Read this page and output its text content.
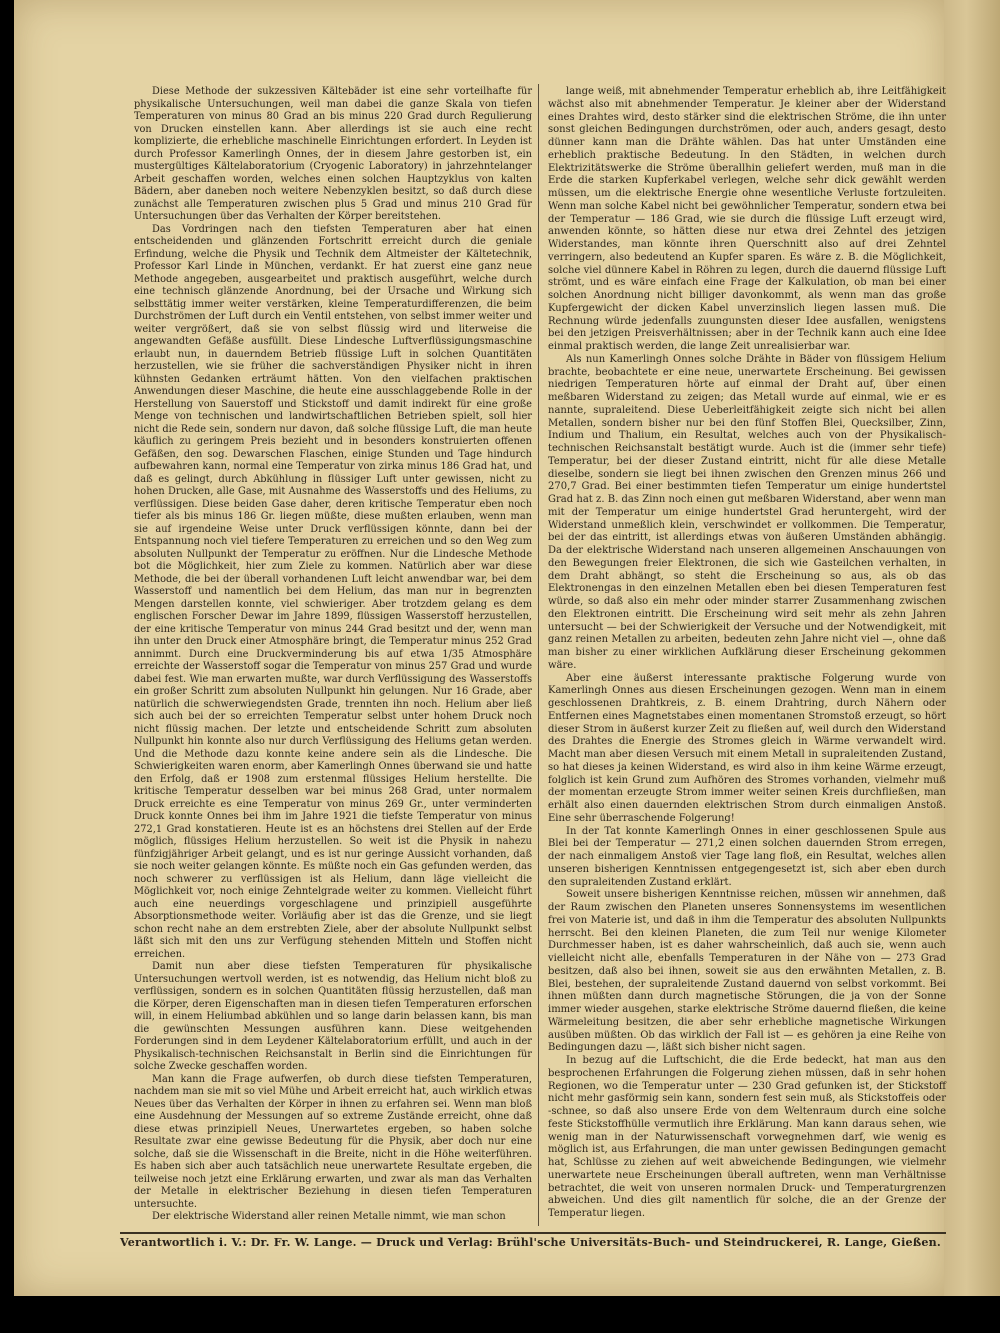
Diese Methode der sukzessiven Kältebäder ist eine sehr vorteilhafte für physikalische Untersuchungen, weil man dabei die ganze Skala von tiefen Temperaturen von minus 80 Grad an bis minus 220 Grad durch Regulierung von Drucken einstellen kann. Aber allerdings ist sie auch eine recht komplizierte, die erhebliche maschinelle Einrichtungen erfordert. In Leyden ist durch Professor Kamerlingh Onnes, der in diesem Jahre gestorben ist, ein mustergültiges Kältelaboratorium (Cryogenic Laboratory) in jahrzehntelanger Arbeit geschaffen worden, welches einen solchen Hauptzyklus von kalten Bädern, aber daneben noch weitere Nebenzyklen besitzt, so daß durch diese zunächst alle Temperaturen zwischen plus 5 Grad und minus 210 Grad für Untersuchungen über das Verhalten der Körper bereitstehen.

Das Vordringen nach den tiefsten Temperaturen aber hat einen entscheidenden und glänzenden Fortschritt erreicht durch die geniale Erfindung, welche die Physik und Technik dem Altmeister der Kältetechnik, Professor Karl Linde in München, verdankt. Er hat zuerst eine ganz neue Methode angegeben, ausgearbeitet und praktisch ausgeführt, welche durch eine technisch glänzende Anordnung, bei der Ursache und Wirkung sich selbsttätig immer weiter verstärken, kleine Temperaturdifferenzen, die beim Durchströmen der Luft durch ein Ventil entstehen, von selbst immer weiter und weiter vergrößert, daß sie von selbst flüssig wird und literweise die angewandten Gefäße ausfüllt. Diese Lindesche Luftverflüssigungsmaschine erlaubt nun, in dauerndem Betrieb flüssige Luft in solchen Quantitäten herzustellen, wie sie früher die sachverständigen Physiker nicht in ihren kühnsten Gedanken erträumt hätten. Von den vielfachen praktischen Anwendungen dieser Maschine, die heute eine ausschlaggebende Rolle in der Herstellung von Sauerstoff und Stickstoff und damit indirekt für eine große Menge von technischen und landwirtschaftlichen Betrieben spielt, soll hier nicht die Rede sein, sondern nur davon, daß solche flüssige Luft, die man heute käuflich zu geringem Preis bezieht und in besonders konstruierten offenen Gefäßen, den sog. Dewarschen Flaschen, einige Stunden und Tage hindurch aufbewahren kann, normal eine Temperatur von zirka minus 186 Grad hat, und daß es gelingt, durch Abkühlung in flüssiger Luft unter gewissen, nicht zu hohen Drucken, alle Gase, mit Ausnahme des Wasserstoffs und des Heliums, zu verflüssigen. Diese beiden Gase daher, deren kritische Temperatur eben noch tiefer als bis minus 186 Gr. liegen müßte, diese mußten erlauben, wenn man sie auf irgendeine Weise unter Druck verflüssigen könnte, dann bei der Entspannung noch viel tiefere Temperaturen zu erreichen und so den Weg zum absoluten Nullpunkt der Temperatur zu eröffnen. Nur die Lindesche Methode bot die Möglichkeit, hier zum Ziele zu kommen. Natürlich aber war diese Methode, die bei der überall vorhandenen Luft leicht anwendbar war, bei dem Wasserstoff und namentlich bei dem Helium, das man nur in begrenzten Mengen darstellen konnte, viel schwieriger. Aber trotzdem gelang es dem englischen Forscher Dewar im Jahre 1899, flüssigen Wasserstoff herzustellen, der eine kritische Temperatur von minus 244 Grad besitzt und der, wenn man ihn unter den Druck einer Atmosphäre bringt, die Temperatur minus 252 Grad annimmt. Durch eine Druckverminderung bis auf etwa 1/35 Atmosphäre erreichte der Wasserstoff sogar die Temperatur von minus 257 Grad und wurde dabei fest. Wie man erwarten mußte, war durch Verflüssigung des Wasserstoffs ein großer Schritt zum absoluten Nullpunkt hin gelungen. Nur 16 Grade, aber natürlich die schwerwiegendsten Grade, trennten ihn noch. Helium aber ließ sich auch bei der so erreichten Temperatur selbst unter hohem Druck noch nicht flüssig machen. Der letzte und entscheidende Schritt zum absoluten Nullpunkt hin konnte also nur durch Verflüssigung des Heliums getan werden. Und die Methode dazu konnte keine andere sein als die Lindesche. Die Schwierigkeiten waren enorm, aber Kamerlingh Onnes überwand sie und hatte den Erfolg, daß er 1908 zum erstenmal flüssiges Helium herstellte. Die kritische Temperatur desselben war bei minus 268 Grad, unter normalem Druck erreichte es eine Temperatur von minus 269 Gr., unter verminderten Druck konnte Onnes bei ihm im Jahre 1921 die tiefste Temperatur von minus 272,1 Grad konstatieren. Heute ist es an höchstens drei Stellen auf der Erde möglich, flüssiges Helium herzustellen. So weit ist die Physik in nahezu fünfzigjähriger Arbeit gelangt, und es ist nur geringe Aussicht vorhanden, daß sie noch weiter gelangen könnte. Es müßte noch ein Gas gefunden werden, das noch schwerer zu verflüssigen ist als Helium, dann läge vielleicht die Möglichkeit vor, noch einige Zehntelgrade weiter zu kommen. Vielleicht führt auch eine neuerdings vorgeschlagene und prinzipiell ausgeführte Absorptionsmethode weiter. Vorläufig aber ist das die Grenze, und sie liegt schon recht nahe an dem erstrebten Ziele, aber der absolute Nullpunkt selbst läßt sich mit den uns zur Verfügung stehenden Mitteln und Stoffen nicht erreichen.

Damit nun aber diese tiefsten Temperaturen für physikalische Untersuchungen wertvoll werden, ist es notwendig, das Helium nicht bloß zu verflüssigen, sondern es in solchen Quantitäten flüssig herzustellen, daß man die Körper, deren Eigenschaften man in diesen tiefen Temperaturen erforschen will, in einem Heliumbad abkühlen und so lange darin belassen kann, bis man die gewünschten Messungen ausführen kann. Diese weitgehenden Forderungen sind in dem Leydener Kältelaboratorium erfüllt, und auch in der Physikalisch-technischen Reichsanstalt in Berlin sind die Einrichtungen für solche Zwecke geschaffen worden.

Man kann die Frage aufwerfen, ob durch diese tiefsten Temperaturen, nachdem man sie mit so viel Mühe und Arbeit erreicht hat, auch wirklich etwas Neues über das Verhalten der Körper in ihnen zu erfahren sei. Wenn man bloß eine Ausdehnung der Messungen auf so extreme Zustände erreicht, ohne daß diese etwas prinzipiell Neues, Unerwartetes ergeben, so haben solche Resultate zwar eine gewisse Bedeutung für die Physik, aber doch nur eine solche, daß sie die Wissenschaft in die Breite, nicht in die Höhe weiterführen. Es haben sich aber auch tatsächlich neue unerwartete Resultate ergeben, die teilweise noch jetzt eine Erklärung erwarten, und zwar als man das Verhalten der Metalle in elektrischer Beziehung in diesen tiefen Temperaturen untersuchte.

Der elektrische Widerstand aller reinen Metalle nimmt, wie man schon

lange weiß, mit abnehmender Temperatur erheblich ab, ihre Leitfähigkeit wächst also mit abnehmender Temperatur. Je kleiner aber der Widerstand eines Drahtes wird, desto stärker sind die elektrischen Ströme, die ihn unter sonst gleichen Bedingungen durchströmen, oder auch, anders gesagt, desto dünner kann man die Drähte wählen. Das hat unter Umständen eine erheblich praktische Bedeutung. In den Städten, in welchen durch Elektrizitätswerke die Ströme überallhin geliefert werden, muß man in die Erde die starken Kupferkabel verlegen, welche sehr dick gewählt werden müssen, um die elektrische Energie ohne wesentliche Verluste fortzuleiten. Wenn man solche Kabel nicht bei gewöhnlicher Temperatur, sondern etwa bei der Temperatur — 186 Grad, wie sie durch die flüssige Luft erzeugt wird, anwenden könnte, so hätten diese nur etwa drei Zehntel des jetzigen Widerstandes, man könnte ihren Querschnitt also auf drei Zehntel verringern, also bedeutend an Kupfer sparen. Es wäre z. B. die Möglichkeit, solche viel dünnere Kabel in Röhren zu legen, durch die dauernd flüssige Luft strömt, und es wäre einfach eine Frage der Kalkulation, ob man bei einer solchen Anordnung nicht billiger davonkommt, als wenn man das große Kupfergewicht der dicken Kabel unverzinslich liegen lassen muß. Die Rechnung würde jedenfalls zuungunsten dieser Idee ausfallen, wenigstens bei den jetzigen Preisverhältnissen; aber in der Technik kann auch eine Idee einmal praktisch werden, die lange Zeit unrealisierbar war.

Als nun Kamerlingh Onnes solche Drähte in Bäder von flüssigem Helium brachte, beobachtete er eine neue, unerwartete Erscheinung. Bei gewissen niedrigen Temperaturen hörte auf einmal der Draht auf, über einen meßbaren Widerstand zu zeigen; das Metall wurde auf einmal, wie er es nannte, supraleitend. Diese Ueberleitfähigkeit zeigte sich nicht bei allen Metallen, sondern bisher nur bei den fünf Stoffen Blei, Quecksilber, Zinn, Indium und Thalium, ein Resultat, welches auch von der Physikalisch-technischen Reichsanstalt bestätigt wurde. Auch ist die (immer sehr tiefe) Temperatur, bei der dieser Zustand eintritt, nicht für alle diese Metalle dieselbe, sondern sie liegt bei ihnen zwischen den Grenzen minus 266 und 270,7 Grad. Bei einer bestimmten tiefen Temperatur um einige hundertstel Grad hat z. B. das Zinn noch einen gut meßbaren Widerstand, aber wenn man mit der Temperatur um einige hundertstel Grad heruntergeht, wird der Widerstand unmeßlich klein, verschwindet er vollkommen. Die Temperatur, bei der das eintritt, ist allerdings etwas von äußeren Umständen abhängig. Da der elektrische Widerstand nach unseren allgemeinen Anschauungen von den Bewegungen freier Elektronen, die sich wie Gasteilchen verhalten, in dem Draht abhängt, so steht die Erscheinung so aus, als ob das Elektronengas in den einzelnen Metallen eben bei diesen Temperaturen fest würde, so daß also ein mehr oder minder starrer Zusammenhang zwischen den Elektronen eintritt. Die Erscheinung wird seit mehr als zehn Jahren untersucht — bei der Schwierigkeit der Versuche und der Notwendigkeit, mit ganz reinen Metallen zu arbeiten, bedeuten zehn Jahre nicht viel —, ohne daß man bisher zu einer wirklichen Aufklärung dieser Erscheinung gekommen wäre.

Aber eine äußerst interessante praktische Folgerung wurde von Kamerlingh Onnes aus diesen Erscheinungen gezogen. Wenn man in einem geschlossenen Drahtkreis, z. B. einem Drahtring, durch Nähern oder Entfernen eines Magnetstabes einen momentanen Stromstoß erzeugt, so hört dieser Strom in äußerst kurzer Zeit zu fließen auf, weil durch den Widerstand des Drahtes die Energie des Stromes gleich in Wärme verwandelt wird. Macht man aber diesen Versuch mit einem Metall in supraleitenden Zustand, so hat dieses ja keinen Widerstand, es wird also in ihm keine Wärme erzeugt, folglich ist kein Grund zum Aufhören des Stromes vorhanden, vielmehr muß der momentan erzeugte Strom immer weiter seinen Kreis durchfließen, man erhält also einen dauernden elektrischen Strom durch einmaligen Anstoß. Eine sehr überraschende Folgerung!

In der Tat konnte Kamerlingh Onnes in einer geschlossenen Spule aus Blei bei der Temperatur — 271,2 einen solchen dauernden Strom erregen, der nach einmaligem Anstoß vier Tage lang floß, ein Resultat, welches allen unseren bisherigen Kenntnissen entgegengesetzt ist, sich aber eben durch den supraleitenden Zustand erklärt.

Soweit unsere bisherigen Kenntnisse reichen, müssen wir annehmen, daß der Raum zwischen den Planeten unseres Sonnensystems im wesentlichen frei von Materie ist, und daß in ihm die Temperatur des absoluten Nullpunkts herrscht. Bei den kleinen Planeten, die zum Teil nur wenige Kilometer Durchmesser haben, ist es daher wahrscheinlich, daß auch sie, wenn auch vielleicht nicht alle, ebenfalls Temperaturen in der Nähe von — 273 Grad besitzen, daß also bei ihnen, soweit sie aus den erwähnten Metallen, z. B. Blei, bestehen, der supraleitende Zustand dauernd von selbst vorkommt. Bei ihnen müßten dann durch magnetische Störungen, die ja von der Sonne immer wieder ausgehen, starke elektrische Ströme dauernd fließen, die keine Wärmeleitung besitzen, die aber sehr erhebliche magnetische Wirkungen ausüben müßten. Ob das wirklich der Fall ist — es gehören ja eine Reihe von Bedingungen dazu —, läßt sich bisher nicht sagen.

In bezug auf die Luftschicht, die die Erde bedeckt, hat man aus den besprochenen Erfahrungen die Folgerung ziehen müssen, daß in sehr hohen Regionen, wo die Temperatur unter — 230 Grad gefunken ist, der Stickstoff nicht mehr gasförmig sein kann, sondern fest sein muß, als Stickstoffeis oder -schnee, so daß also unsere Erde von dem Weltenraum durch eine solche feste Stickstoffhülle vermutlich ihre Erklärung. Man kann daraus sehen, wie wenig man in der Naturwissenschaft vorwegnehmen darf, wie wenig es möglich ist, aus Erfahrungen, die man unter gewissen Bedingungen gemacht hat, Schlüsse zu ziehen auf weit abweichende Bedingungen, wie vielmehr unerwartete neue Erscheinungen überall auftreten, wenn man Verhältnisse betrachtet, die weit von unseren normalen Druck- und Temperaturgrenzen abweichen. Und dies gilt namentlich für solche, die an der Grenze der Temperatur liegen.

Verantwortlich i. V.: Dr. Fr. W. Lange. — Druck und Verlag: Brühl'sche Universitäts-Buch- und Steindruckerei, R. Lange, Gießen.
